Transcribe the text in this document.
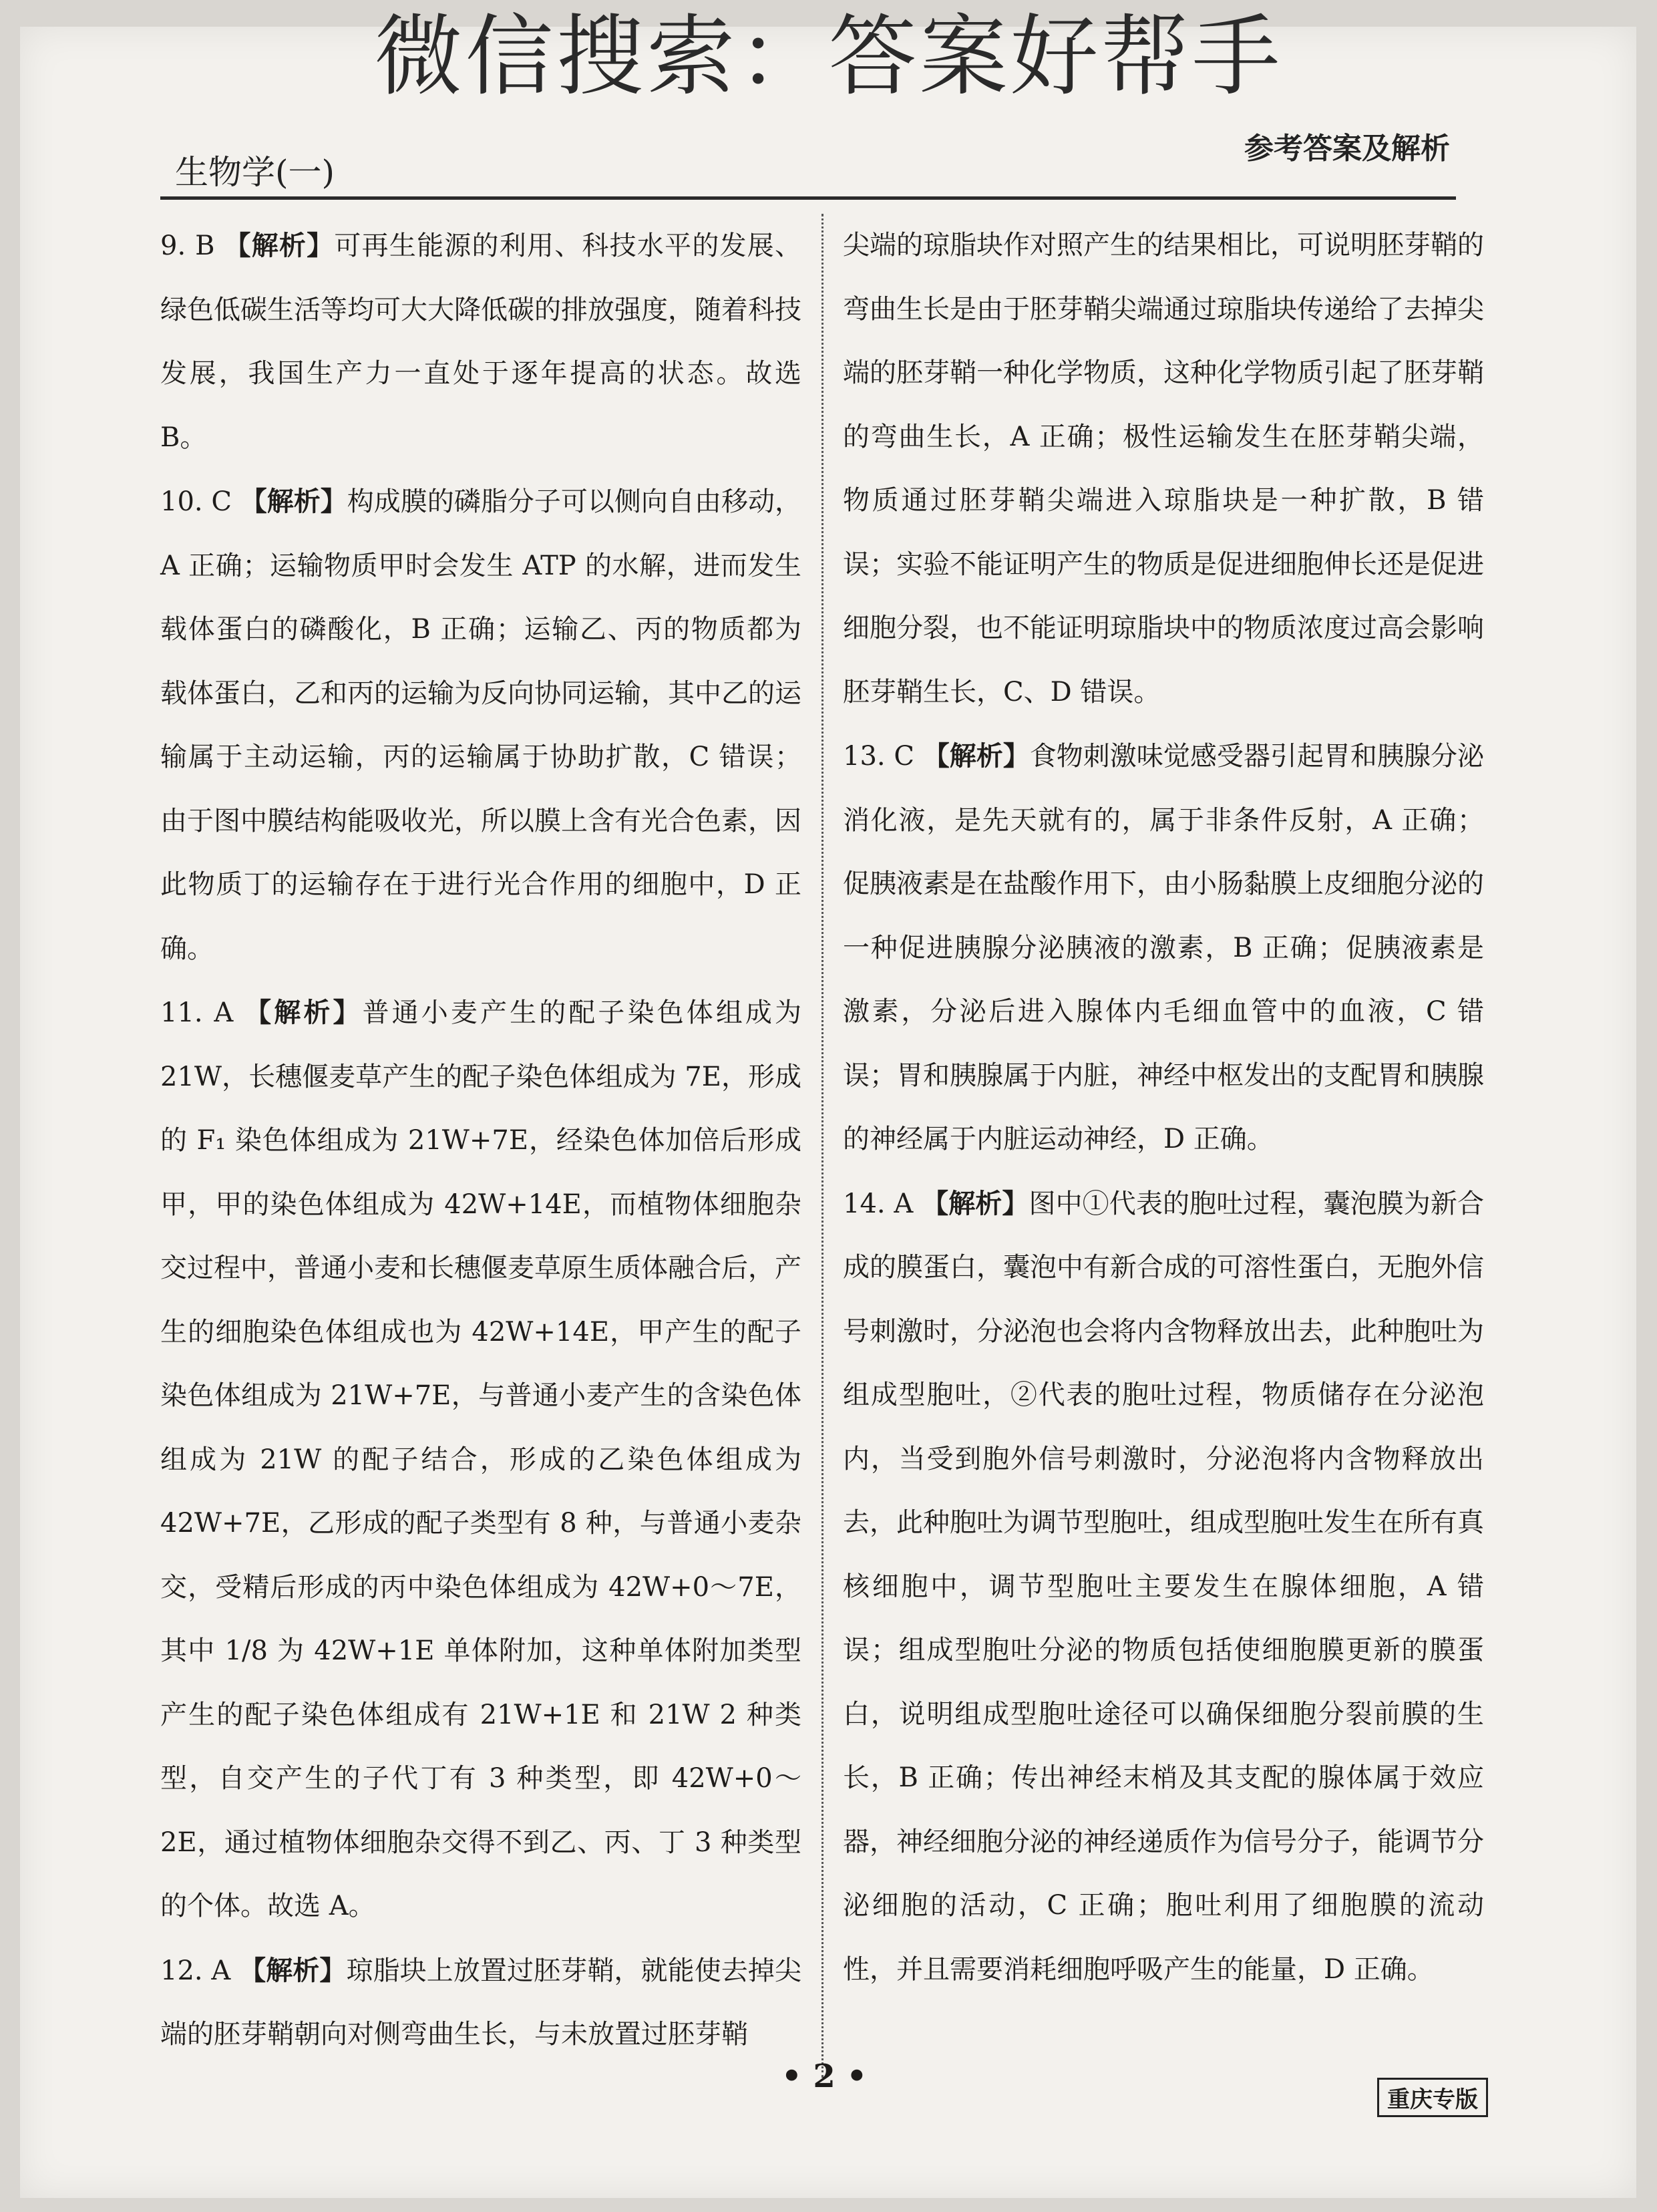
微信搜索：答案好帮手
生物学(一)
参考答案及解析
9. B 【解析】可再生能源的利用、科技水平的发展、绿色低碳生活等均可大大降低碳的排放强度，随着科技发展，我国生产力一直处于逐年提高的状态。故选 B。
10. C 【解析】构成膜的磷脂分子可以侧向自由移动，A 正确；运输物质甲时会发生 ATP 的水解，进而发生载体蛋白的磷酸化，B 正确；运输乙、丙的物质都为载体蛋白，乙和丙的运输为反向协同运输，其中乙的运输属于主动运输，丙的运输属于协助扩散，C 错误；由于图中膜结构能吸收光，所以膜上含有光合色素，因此物质丁的运输存在于进行光合作用的细胞中，D 正确。
11. A 【解析】普通小麦产生的配子染色体组成为 21W，长穗偃麦草产生的配子染色体组成为 7E，形成的 F₁ 染色体组成为 21W+7E，经染色体加倍后形成甲，甲的染色体组成为 42W+14E，而植物体细胞杂交过程中，普通小麦和长穗偃麦草原生质体融合后，产生的细胞染色体组成也为 42W+14E，甲产生的配子染色体组成为 21W+7E，与普通小麦产生的含染色体组成为 21W 的配子结合，形成的乙染色体组成为 42W+7E，乙形成的配子类型有 8 种，与普通小麦杂交，受精后形成的丙中染色体组成为 42W+0～7E，其中 1/8 为 42W+1E 单体附加，这种单体附加类型产生的配子染色体组成有 21W+1E 和 21W 2 种类型，自交产生的子代丁有 3 种类型，即 42W+0～2E，通过植物体细胞杂交得不到乙、丙、丁 3 种类型的个体。故选 A。
12. A 【解析】琼脂块上放置过胚芽鞘，就能使去掉尖端的胚芽鞘朝向对侧弯曲生长，与未放置过胚芽鞘
尖端的琼脂块作对照产生的结果相比，可说明胚芽鞘的弯曲生长是由于胚芽鞘尖端通过琼脂块传递给了去掉尖端的胚芽鞘一种化学物质，这种化学物质引起了胚芽鞘的弯曲生长，A 正确；极性运输发生在胚芽鞘尖端，物质通过胚芽鞘尖端进入琼脂块是一种扩散，B 错误；实验不能证明产生的物质是促进细胞伸长还是促进细胞分裂，也不能证明琼脂块中的物质浓度过高会影响胚芽鞘生长，C、D 错误。
13. C 【解析】食物刺激味觉感受器引起胃和胰腺分泌消化液，是先天就有的，属于非条件反射，A 正确；促胰液素是在盐酸作用下，由小肠黏膜上皮细胞分泌的一种促进胰腺分泌胰液的激素，B 正确；促胰液素是激素，分泌后进入腺体内毛细血管中的血液，C 错误；胃和胰腺属于内脏，神经中枢发出的支配胃和胰腺的神经属于内脏运动神经，D 正确。
14. A 【解析】图中①代表的胞吐过程，囊泡膜为新合成的膜蛋白，囊泡中有新合成的可溶性蛋白，无胞外信号刺激时，分泌泡也会将内含物释放出去，此种胞吐为组成型胞吐，②代表的胞吐过程，物质储存在分泌泡内，当受到胞外信号刺激时，分泌泡将内含物释放出去，此种胞吐为调节型胞吐，组成型胞吐发生在所有真核细胞中，调节型胞吐主要发生在腺体细胞，A 错误；组成型胞吐分泌的物质包括使细胞膜更新的膜蛋白，说明组成型胞吐途径可以确保细胞分裂前膜的生长，B 正确；传出神经末梢及其支配的腺体属于效应器，神经细胞分泌的神经递质作为信号分子，能调节分泌细胞的活动，C 正确；胞吐利用了细胞膜的流动性，并且需要消耗细胞呼吸产生的能量，D 正确。
• 2 •
重庆专版
